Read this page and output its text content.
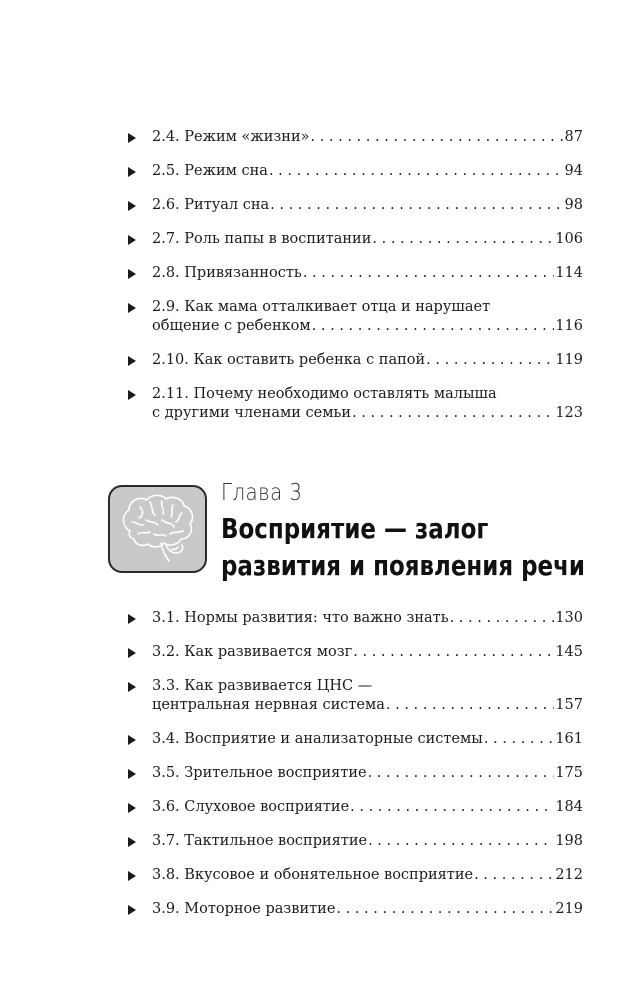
2.4. Режим «жизни» . . .	87
2.5. Режим сна . . .	94
2.6. Ритуал сна . . .	98
2.7. Роль папы в воспитании . . .	106
2.8. Привязанность . . .	114
2.9. Как мама отталкивает отца и нарушает
общение с ребенком . . .	116
2.10. Как оставить ребенка с папой . . .	119
2.11. Почему необходимо оставлять малыша
с другими членами семьи . . .	123
Глава 3
Восприятие — залог
развития и появления речи
3.1. Нормы развития: что важно знать . . .	130
3.2. Как развивается мозг . . .	145
3.3. Как развивается ЦНС —
центральная нервная система . . .	157
3.4. Восприятие и анализаторные системы . . .	161
3.5. Зрительное восприятие . . .	175
3.6. Слуховое восприятие . . .	184
3.7. Тактильное восприятие . . .	198
3.8. Вкусовое и обонятельное восприятие . . .	212
3.9. Моторное развитие . . .	219
